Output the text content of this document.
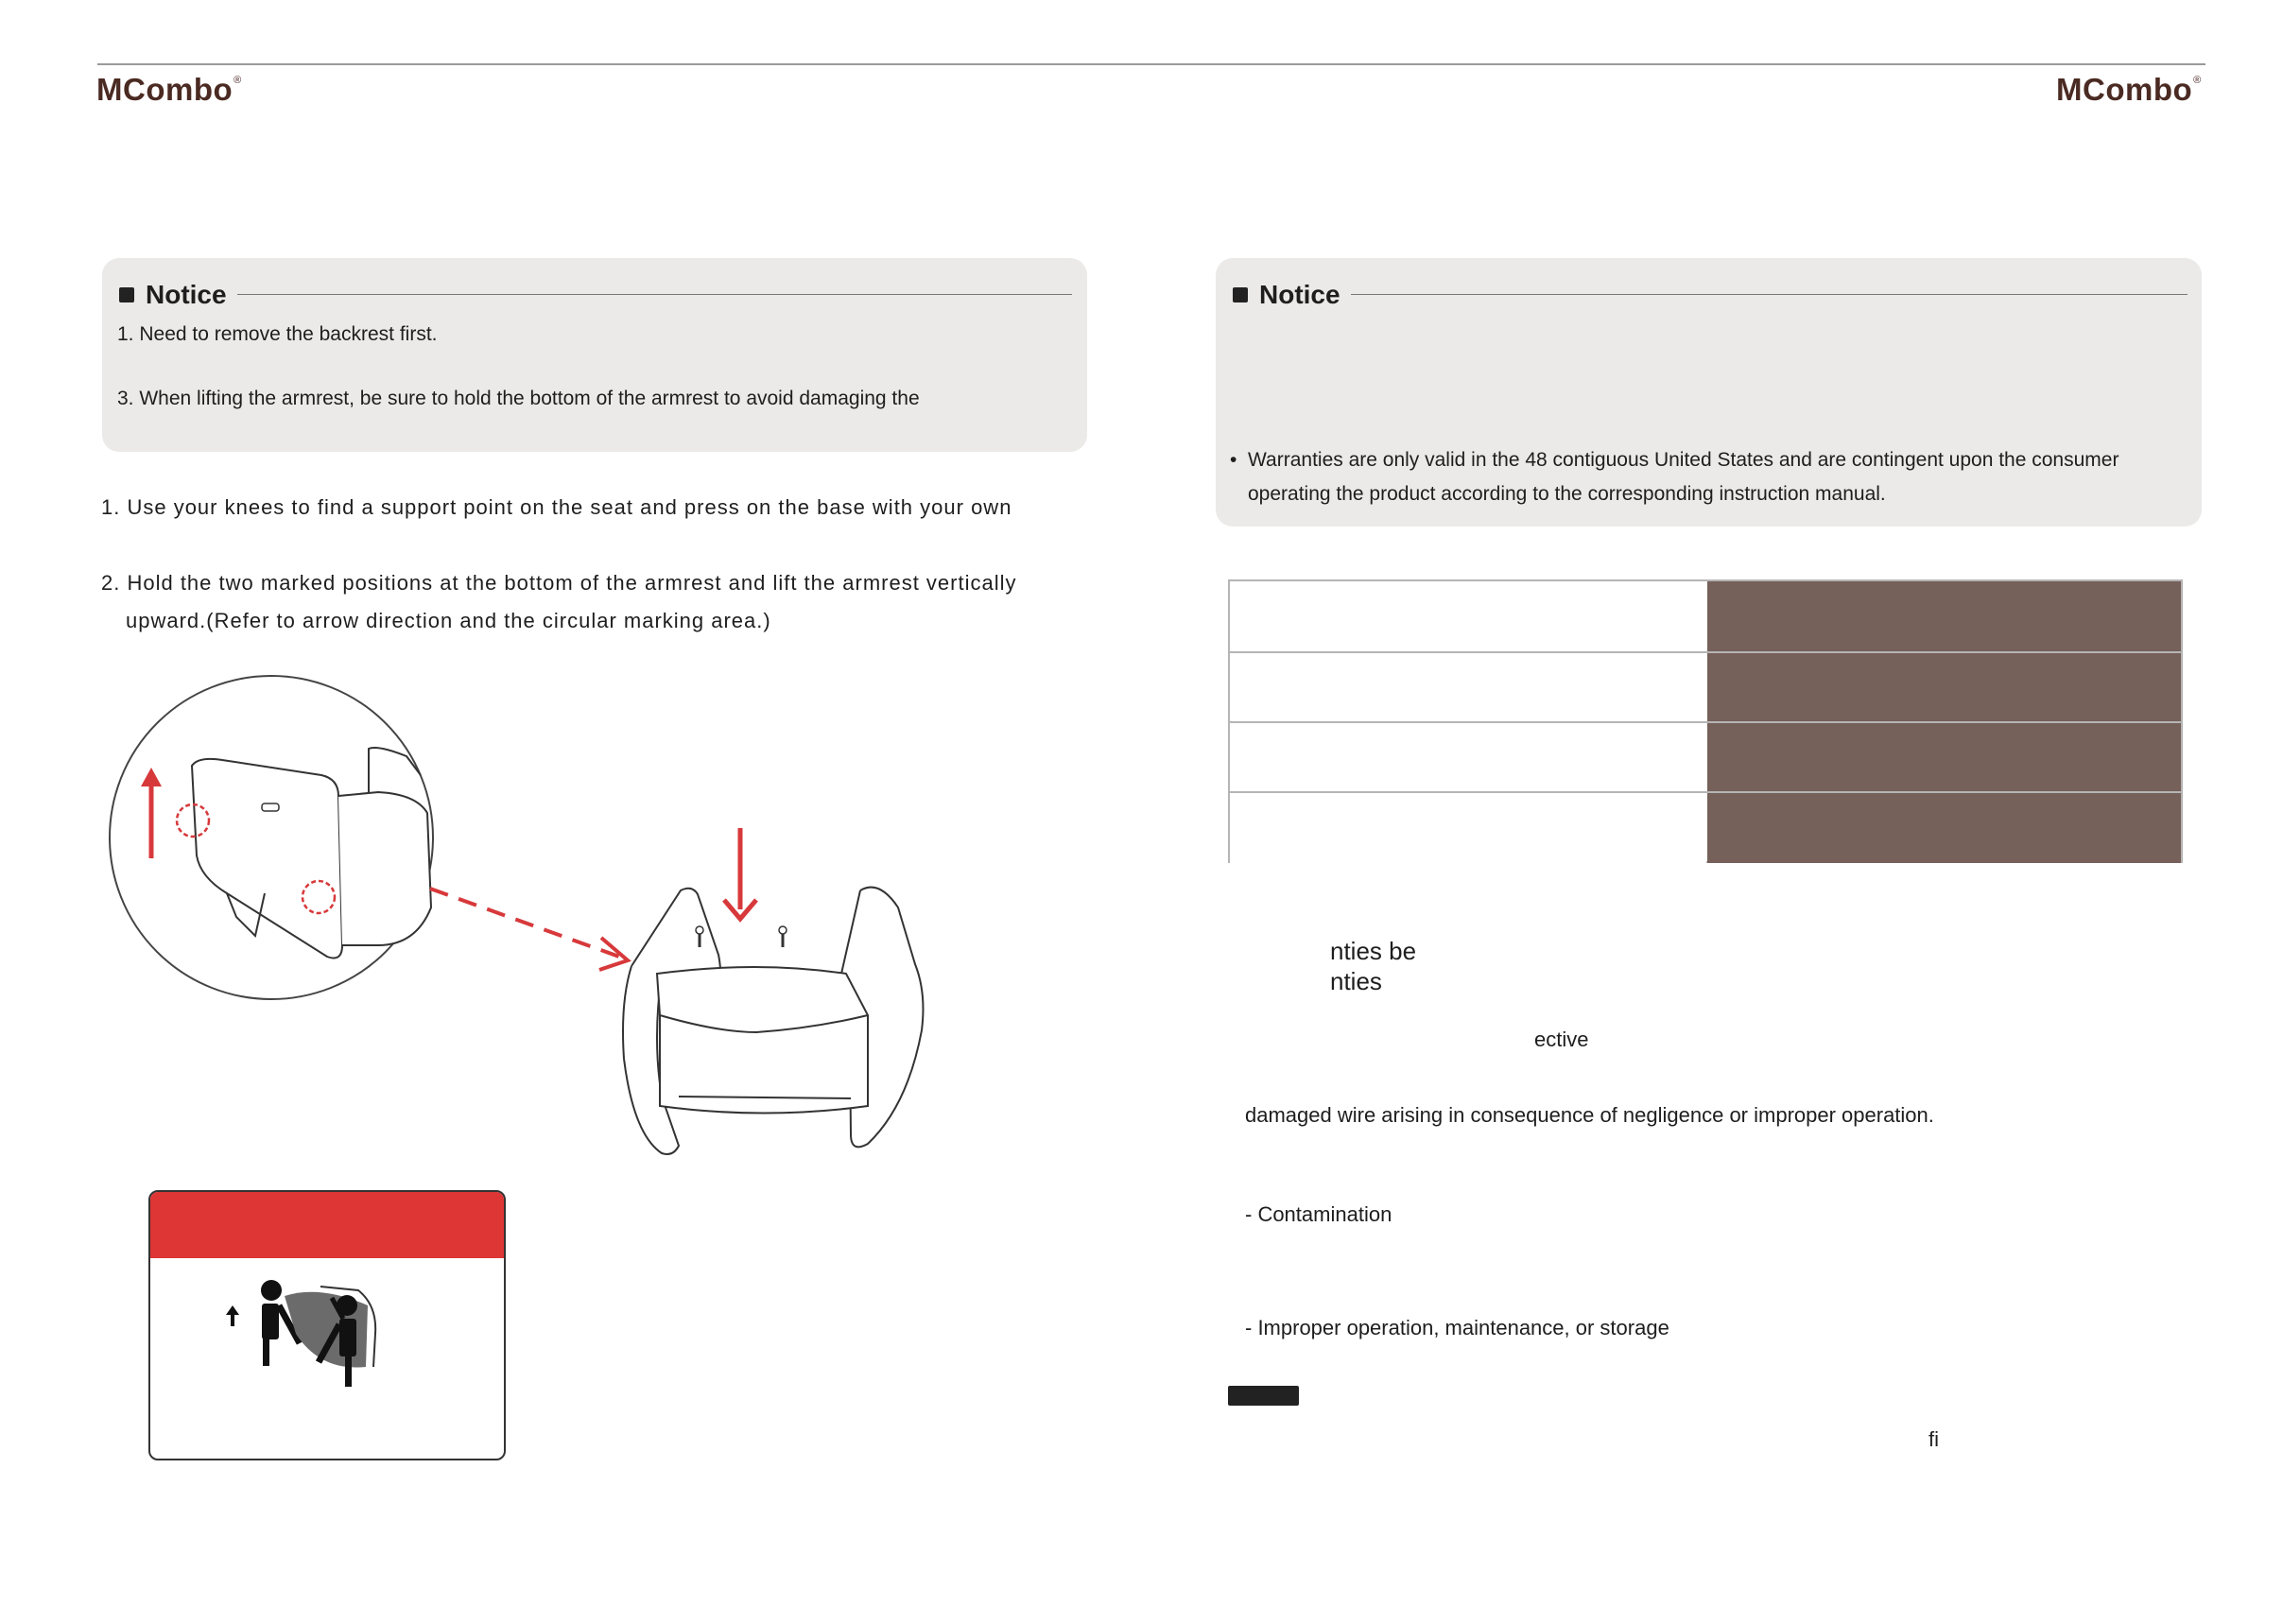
MCombo®	MCombo®
Notice
1. Need to remove the backrest first.
3. When lifting the armrest, be sure to hold the bottom of the armrest to avoid damaging the
1. Use your knees to find a support point on the seat and press on the base with your own
2. Hold the two marked positions at the bottom of the armrest and lift the armrest vertically
upward.(Refer to arrow direction and the circular marking area.)
Notice
• Warranties are only valid in the 48 contiguous United States and are contingent upon the consumer
operating the product according to the corresponding instruction manual.
nties be
nties
ective
damaged wire arising in consequence of negligence or improper operation.
- Contamination
- Improper operation, maintenance, or storage
fi
